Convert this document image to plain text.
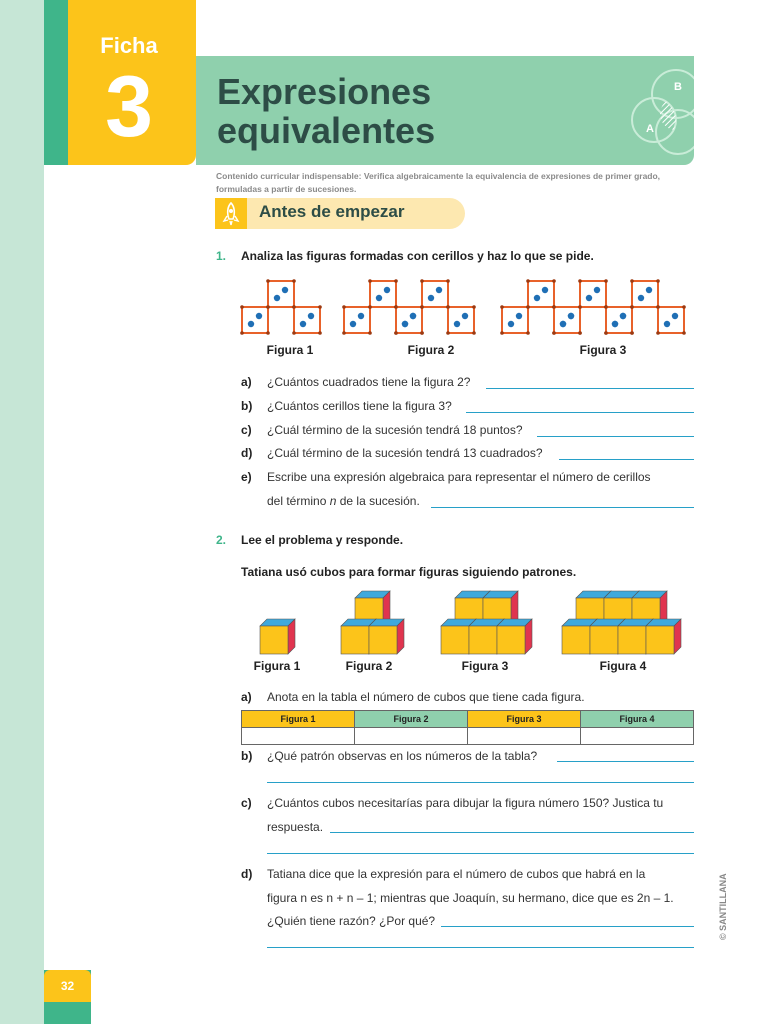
Ficha
3	Expresiones
equivalentes
B
A
Contenido curricular indispensable: Verifica algebraicamente la equivalencia de expresiones de primer grado, formuladas a partir de sucesiones.
Antes de empezar
1. Analiza las figuras formadas con cerillos y haz lo que se pide.
Figura 1	Figura 2	Figura 3
a) ¿Cuántos cuadrados tiene la figura 2?
b) ¿Cuántos cerillos tiene la figura 3?
c) ¿Cuál término de la sucesión tendrá 18 puntos?
d) ¿Cuál término de la sucesión tendrá 13 cuadrados?
e) Escribe una expresión algebraica para representar el número de cerillos
del término n de la sucesión.
2. Lee el problema y responde.
Tatiana usó cubos para formar figuras siguiendo patrones.
Figura 1	Figura 2	Figura 3	Figura 4
a) Anota en la tabla el número de cubos que tiene cada figura.
Figura 1	Figura 2	Figura 3	Figura 4

b) ¿Qué patrón observas en los números de la tabla?
c) ¿Cuántos cubos necesitarías para dibujar la figura número 150? Justica tu
respuesta.
d) Tatiana dice que la expresión para el número de cubos que habrá en la
figura n es n + n – 1; mientras que Joaquín, su hermano, dice que es 2n – 1.
¿Quién tiene razón? ¿Por qué?
32
© SANTILLANA
